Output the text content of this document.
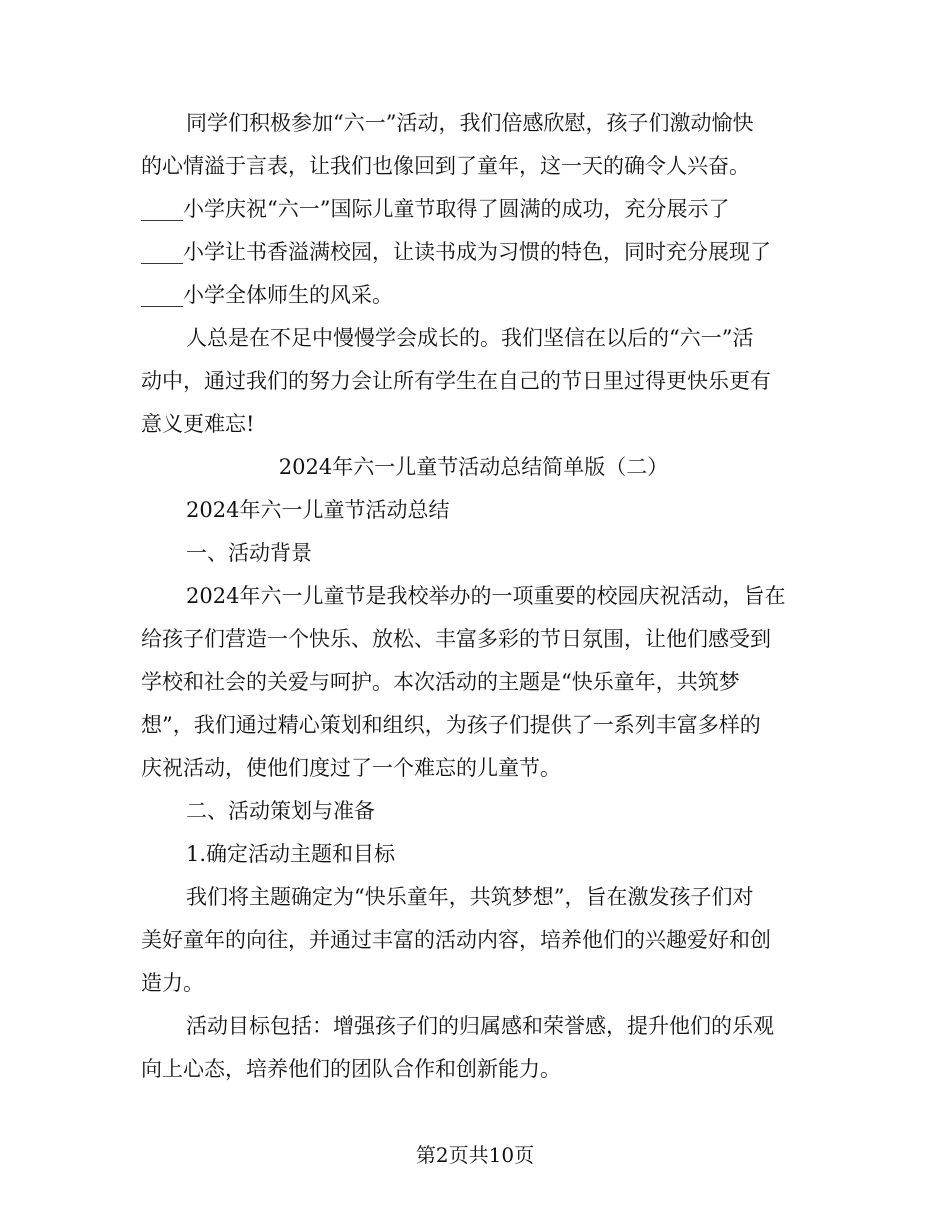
同学们积极参加“六一”活动，我们倍感欣慰，孩子们激动愉快
的心情溢于言表，让我们也像回到了童年，这一天的确令人兴奋。
____小学庆祝“六一”国际儿童节取得了圆满的成功，充分展示了
____小学让书香溢满校园，让读书成为习惯的特色，同时充分展现了
____小学全体师生的风采。
人总是在不足中慢慢学会成长的。我们坚信在以后的“六一”活
动中，通过我们的努力会让所有学生在自己的节日里过得更快乐更有
意义更难忘!
2024年六一儿童节活动总结简单版（二）
2024年六一儿童节活动总结
一、活动背景
2024年六一儿童节是我校举办的一项重要的校园庆祝活动，旨在
给孩子们营造一个快乐、放松、丰富多彩的节日氛围，让他们感受到
学校和社会的关爱与呵护。本次活动的主题是“快乐童年，共筑梦
想”，我们通过精心策划和组织，为孩子们提供了一系列丰富多样的
庆祝活动，使他们度过了一个难忘的儿童节。
二、活动策划与准备
1.确定活动主题和目标
我们将主题确定为“快乐童年，共筑梦想”，旨在激发孩子们对
美好童年的向往，并通过丰富的活动内容，培养他们的兴趣爱好和创
造力。
活动目标包括：增强孩子们的归属感和荣誉感，提升他们的乐观
向上心态，培养他们的团队合作和创新能力。
第2页共10页
